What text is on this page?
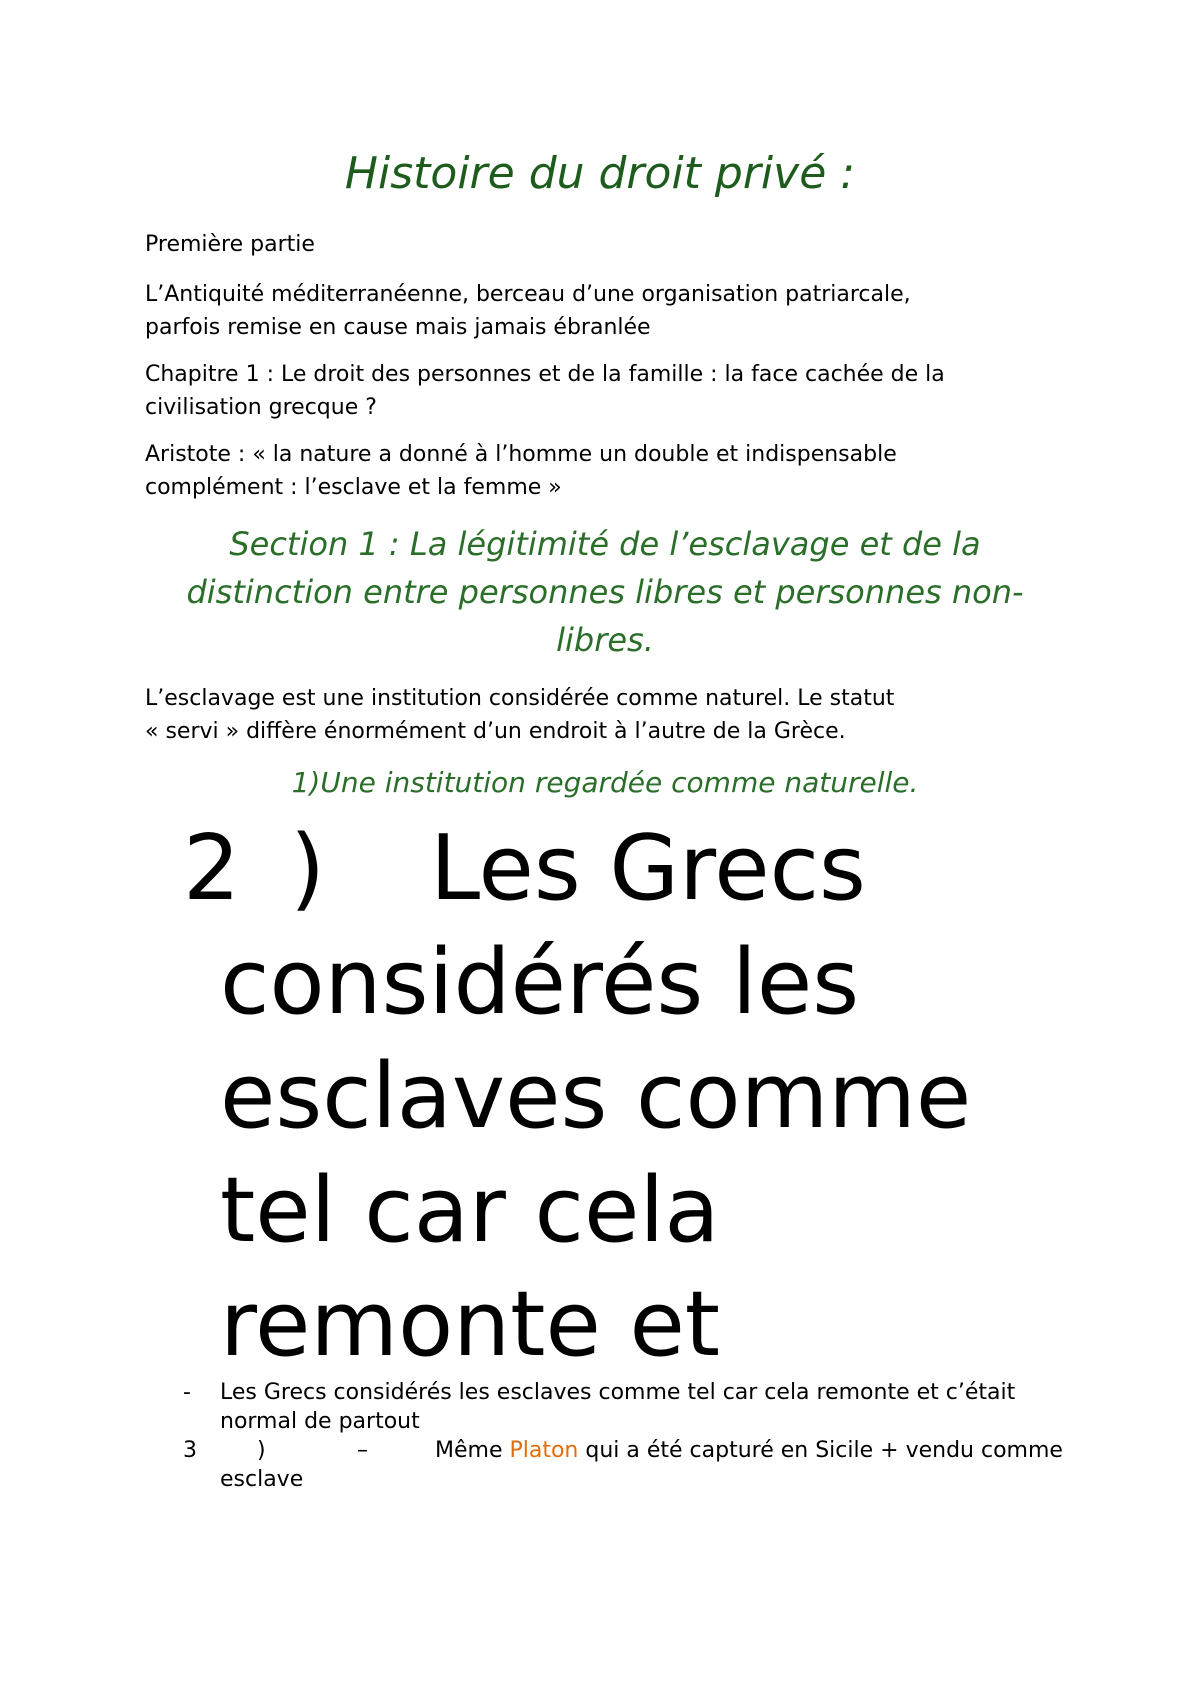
Histoire du droit privé :
Première partie
L’Antiquité méditerranéenne, berceau d’une organisation patriarcale,
parfois remise en cause mais jamais ébranlée
Chapitre 1 : Le droit des personnes et de la famille : la face cachée de la
civilisation grecque ?
Aristote : « la nature a donné à l’homme un double et indispensable
complément : l’esclave et la femme »
Section 1 : La légitimité de l’esclavage et de la distinction entre personnes libres et personnes non-libres.
L’esclavage est une institution considérée comme naturel. Le statut
« servi » diffère énormément d’un endroit à l’autre de la Grèce.
1)Une institution regardée comme naturelle.
2 )	Les Grecs considérés les esclaves comme tel car cela remonte et
-	Les Grecs considérés les esclaves comme tel car cela remonte et c’était normal de partout
3	)	–	Même Platon qui a été capturé en Sicile + vendu comme esclave
